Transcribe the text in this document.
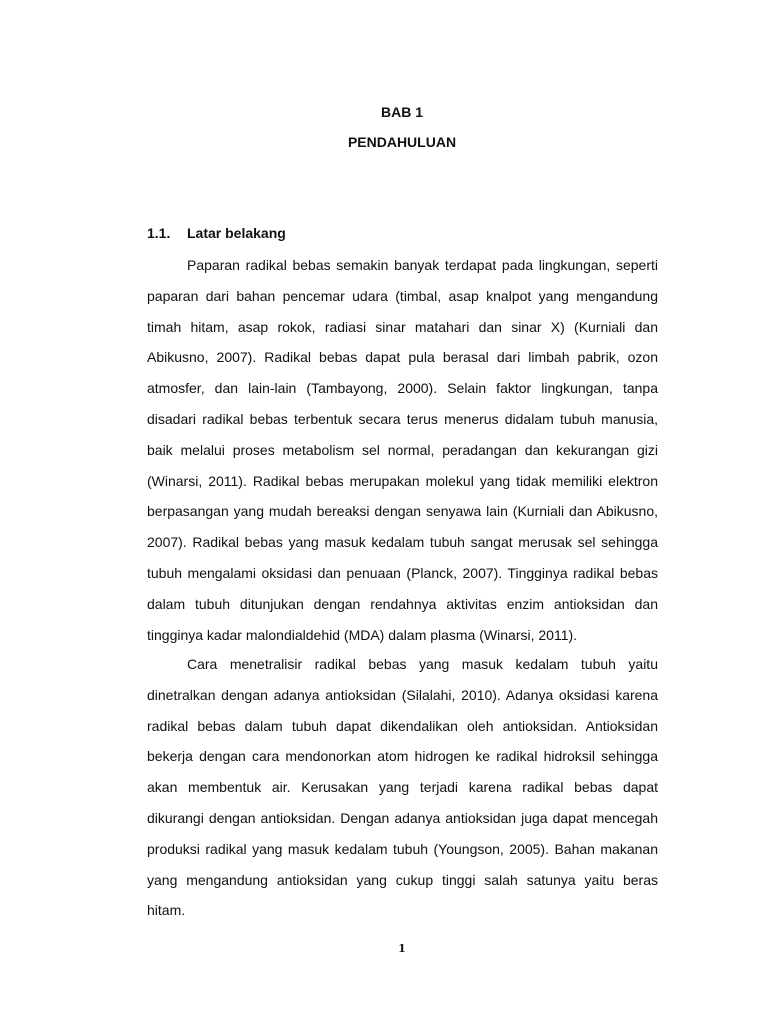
BAB 1
PENDAHULUAN
1.1. Latar belakang
Paparan radikal bebas semakin banyak terdapat pada lingkungan, seperti
paparan dari bahan pencemar udara (timbal, asap knalpot yang mengandung
timah hitam, asap rokok, radiasi sinar matahari dan sinar X) (Kurniali dan
Abikusno, 2007). Radikal bebas dapat pula berasal dari limbah pabrik, ozon
atmosfer, dan lain-lain (Tambayong, 2000). Selain faktor lingkungan, tanpa
disadari radikal bebas terbentuk secara terus menerus didalam tubuh manusia,
baik melalui proses metabolism sel normal, peradangan dan kekurangan gizi
(Winarsi, 2011). Radikal bebas merupakan molekul yang tidak memiliki elektron
berpasangan yang mudah bereaksi dengan senyawa lain (Kurniali dan Abikusno,
2007). Radikal bebas yang masuk kedalam tubuh sangat merusak sel sehingga
tubuh mengalami oksidasi dan penuaan (Planck, 2007). Tingginya radikal bebas
dalam tubuh ditunjukan dengan rendahnya aktivitas enzim antioksidan dan
tingginya kadar malondialdehid (MDA) dalam plasma (Winarsi, 2011).
Cara menetralisir radikal bebas yang masuk kedalam tubuh yaitu
dinetralkan dengan adanya antioksidan (Silalahi, 2010). Adanya oksidasi karena
radikal bebas dalam tubuh dapat dikendalikan oleh antioksidan. Antioksidan
bekerja dengan cara mendonorkan atom hidrogen ke radikal hidroksil sehingga
akan membentuk air. Kerusakan yang terjadi karena radikal bebas dapat
dikurangi dengan antioksidan. Dengan adanya antioksidan juga dapat mencegah
produksi radikal yang masuk kedalam tubuh (Youngson, 2005). Bahan makanan
yang mengandung antioksidan yang cukup tinggi salah satunya yaitu beras
hitam.
1
